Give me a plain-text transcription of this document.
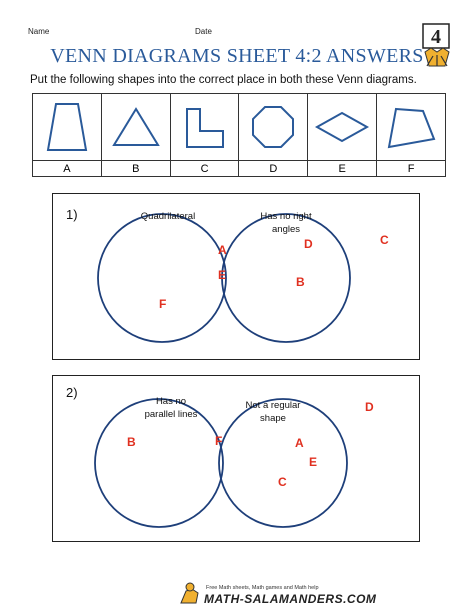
Name	Date	4
VENN DIAGRAMS SHEET 4:2 ANSWERS
Put the following shapes into the correct place in both these Venn diagrams.

A	B	C	D	E	F
1)	Quadrilateral	Has no right
angles
F
A
E
D
B
C
2)
Has no
parallel lines
Not a regular
shape
B	F	A
E
C
D
Free Math sheets, Math games and Math help
MATH-SALAMANDERS.COM
